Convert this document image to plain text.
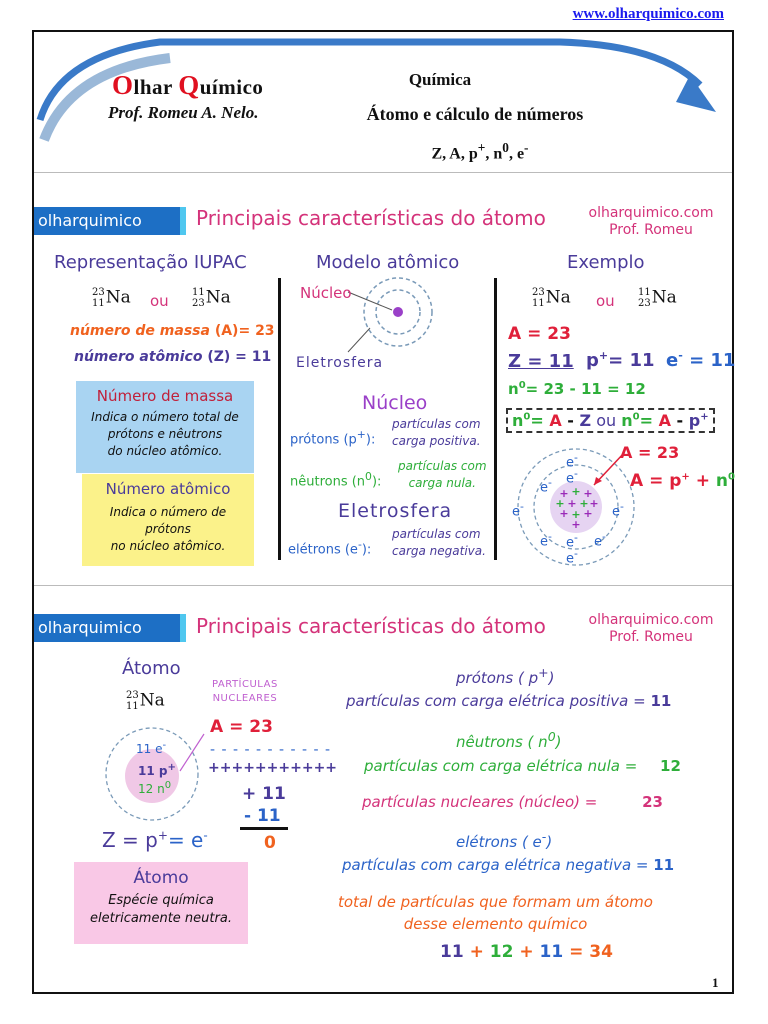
www.olharquimico.com
Olhar Químico
Prof. Romeu A. Nelo.
Química
Átomo e cálculo de números
Z, A, p+, $n^0$, e-
olharquimico	Principais características do átomo	olharquimico.com
Prof. Romeu
Representação IUPAC	Modelo atômico	Exemplo
23
11Na ou 11
23Na
número de massa (A)= 23
número atômico (Z) = 11
Número de massa
Indica o número total de
prótons e nêutrons
do núcleo atômico.
Número atômico
Indica o número de
prótons
no núcleo atômico.
Núcleo
Eletrosfera
Núcleo
prótons (p+):
partículas com
carga positiva.
nêutrons $(n^0)$:
partículas com
carga nula.
Eletrosfera
elétrons (e-):
partículas com
carga negativa.
23
11Na ou 11
23Na
A = 23
Z = 11 p+= 11 e- = 11
$n^0= 23 - 11 = 12$
$n^0= A - Z$ ou $n^0= A - p^+$
+ + +
+ + + +
+ + +
+
e-
e-
e-
e-	e-
e- e-
e-
e-
A = 23
$A = p^+ + n^0$
olharquimico	Principais características do átomo	olharquimico.com
Prof. Romeu
Átomo
23
11Na
PARTÍCULAS
NUCLEARES
A = 23
11 e-
11 p+
12 $n^0$
- - - - - - - - - - -
+++++++++++
+ 11
- 11
0
Z = p+= e-
Átomo
Espécie química
eletricamente neutra.
prótons ( p+)
partículas com carga elétrica positiva = 11
nêutrons ( $n^0$)
partículas com carga elétrica nula = 12
partículas nucleares (núcleo) =	23
elétrons ( e-)
partículas com carga elétrica negativa = 11
total de partículas que formam um átomo
desse elemento químico
11 + 12 + 11 = 34
1
